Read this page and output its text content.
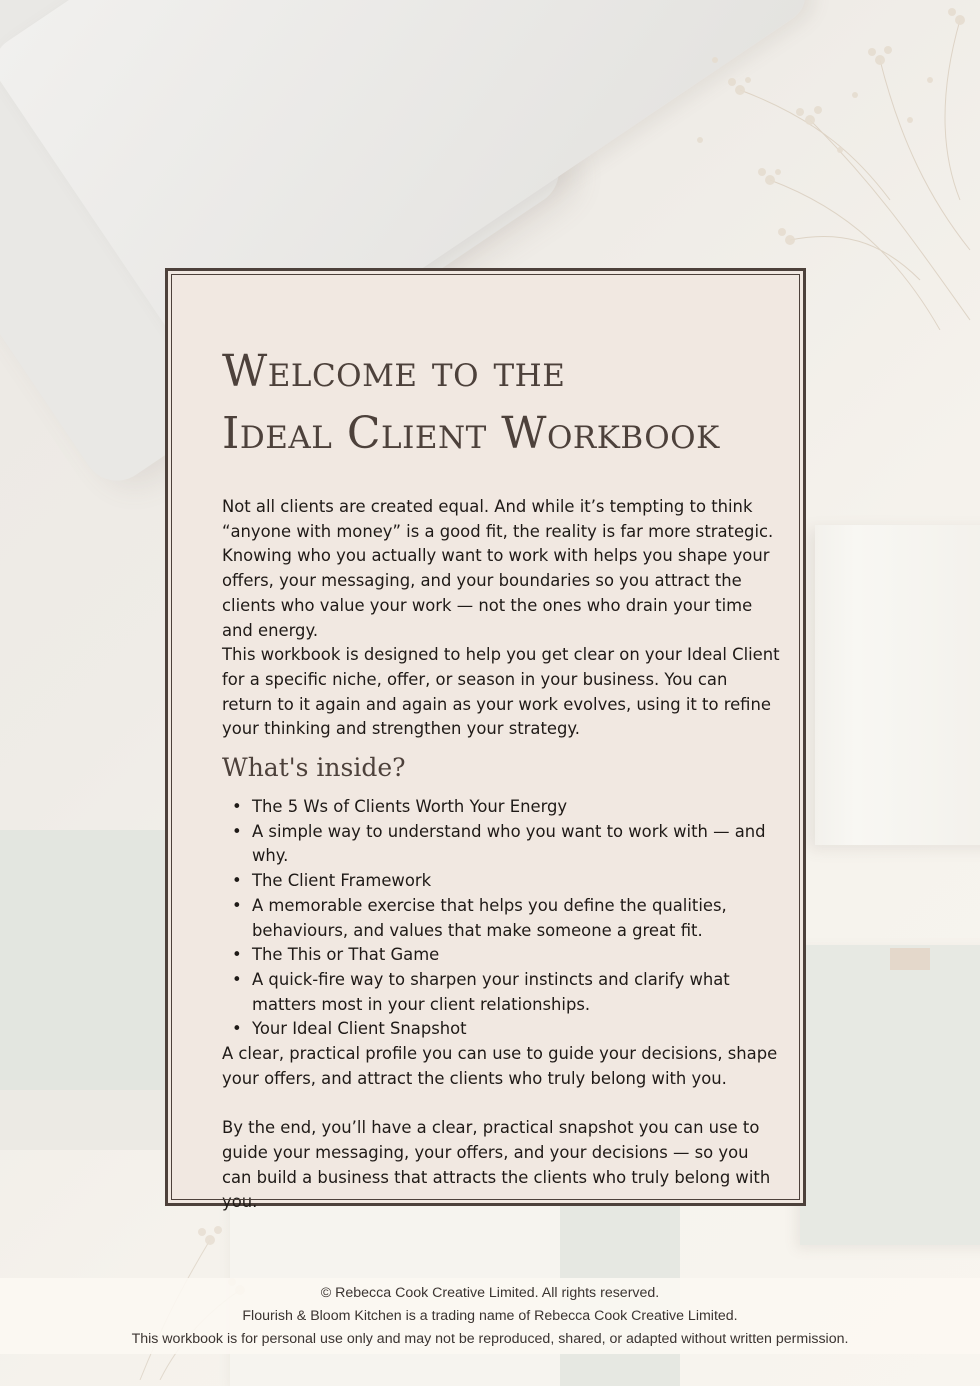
Welcome to the
Ideal Client Workbook

Not all clients are created equal. And while it’s tempting to think “anyone with money” is a good fit, the reality is far more strategic. Knowing who you actually want to work with helps you shape your offers, your messaging, and your boundaries so you attract the clients who value your work — not the ones who drain your time and energy.

This workbook is designed to help you get clear on your Ideal Client for a specific niche, offer, or season in your business. You can return to it again and again as your work evolves, using it to refine your thinking and strengthen your strategy.

What's inside?
• The 5 Ws of Clients Worth Your Energy
• A simple way to understand who you want to work with — and why.
• The Client Framework
• A memorable exercise that helps you define the qualities, behaviours, and values that make someone a great fit.
• The This or That Game
• A quick-fire way to sharpen your instincts and clarify what matters most in your client relationships.
• Your Ideal Client Snapshot

A clear, practical profile you can use to guide your decisions, shape your offers, and attract the clients who truly belong with you.

By the end, you’ll have a clear, practical snapshot you can use to guide your messaging, your offers, and your decisions — so you can build a business that attracts the clients who truly belong with you.

© Rebecca Cook Creative Limited. All rights reserved.
Flourish & Bloom Kitchen is a trading name of Rebecca Cook Creative Limited.
This workbook is for personal use only and may not be reproduced, shared, or adapted without written permission.
